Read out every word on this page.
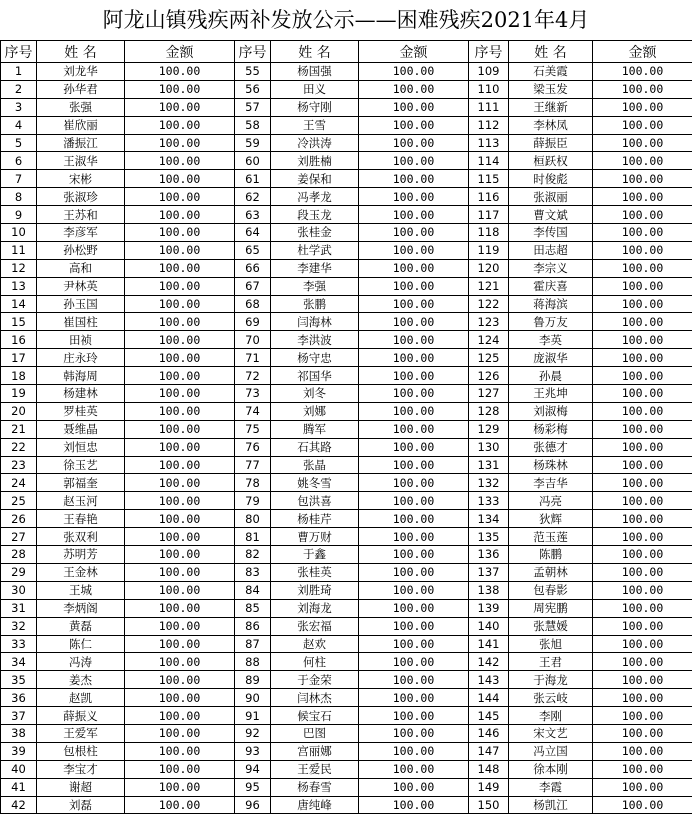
阿龙山镇残疾两补发放公示——困难残疾2021年4月
序号	姓 名	金额	序号	姓 名	金额	序号	姓 名	金额
1	刘龙华	100.00	55	杨国强	100.00	109	石美霞	100.00
2	孙华君	100.00	56	田义	100.00	110	梁玉发	100.00
3	张强	100.00	57	杨守刚	100.00	111	王继新	100.00
4	崔欣丽	100.00	58	王雪	100.00	112	李林凤	100.00
5	潘振江	100.00	59	冷洪涛	100.00	113	薛振臣	100.00
6	王淑华	100.00	60	刘胜楠	100.00	114	桓跃权	100.00
7	宋彬	100.00	61	姜保和	100.00	115	时俊彪	100.00
8	张淑珍	100.00	62	冯孝龙	100.00	116	张淑丽	100.00
9	王苏和	100.00	63	段玉龙	100.00	117	曹文斌	100.00
10	李彦军	100.00	64	张桂金	100.00	118	李传国	100.00
11	孙松野	100.00	65	杜学武	100.00	119	田志超	100.00
12	高和	100.00	66	李建华	100.00	120	李宗义	100.00
13	尹林英	100.00	67	李强	100.00	121	霍庆喜	100.00
14	孙玉国	100.00	68	张鹏	100.00	122	蒋海滨	100.00
15	崔国柱	100.00	69	闫海林	100.00	123	鲁万友	100.00
16	田祯	100.00	70	李洪波	100.00	124	李英	100.00
17	庄永玲	100.00	71	杨守忠	100.00	125	庞淑华	100.00
18	韩海周	100.00	72	祁国华	100.00	126	孙晨	100.00
19	杨建林	100.00	73	刘冬	100.00	127	王兆坤	100.00
20	罗桂英	100.00	74	刘娜	100.00	128	刘淑梅	100.00
21	聂维晶	100.00	75	腾军	100.00	129	杨彩梅	100.00
22	刘恒忠	100.00	76	石其路	100.00	130	张德才	100.00
23	徐玉艺	100.00	77	张晶	100.00	131	杨珠林	100.00
24	郭福奎	100.00	78	姚冬雪	100.00	132	李吉华	100.00
25	赵玉河	100.00	79	包洪喜	100.00	133	冯亮	100.00
26	王春艳	100.00	80	杨桂芹	100.00	134	狄辉	100.00
27	张双利	100.00	81	曹万财	100.00	135	范玉莲	100.00
28	苏明芳	100.00	82	于鑫	100.00	136	陈鹏	100.00
29	王金林	100.00	83	张桂英	100.00	137	孟朝林	100.00
30	王城	100.00	84	刘胜琦	100.00	138	包春影	100.00
31	李炳阁	100.00	85	刘海龙	100.00	139	周宪鹏	100.00
32	黄磊	100.00	86	张宏福	100.00	140	张慧媛	100.00
33	陈仁	100.00	87	赵欢	100.00	141	张旭	100.00
34	冯涛	100.00	88	何柱	100.00	142	王君	100.00
35	姜杰	100.00	89	于金荣	100.00	143	于海龙	100.00
36	赵凯	100.00	90	闫林杰	100.00	144	张云岐	100.00
37	薛振义	100.00	91	候宝石	100.00	145	李刚	100.00
38	王爱军	100.00	92	巴图	100.00	146	宋文艺	100.00
39	包根柱	100.00	93	宫丽娜	100.00	147	冯立国	100.00
40	李宝才	100.00	94	王爱民	100.00	148	徐本刚	100.00
41	谢超	100.00	95	杨春雪	100.00	149	李霞	100.00
42	刘磊	100.00	96	唐纯峰	100.00	150	杨凯江	100.00
